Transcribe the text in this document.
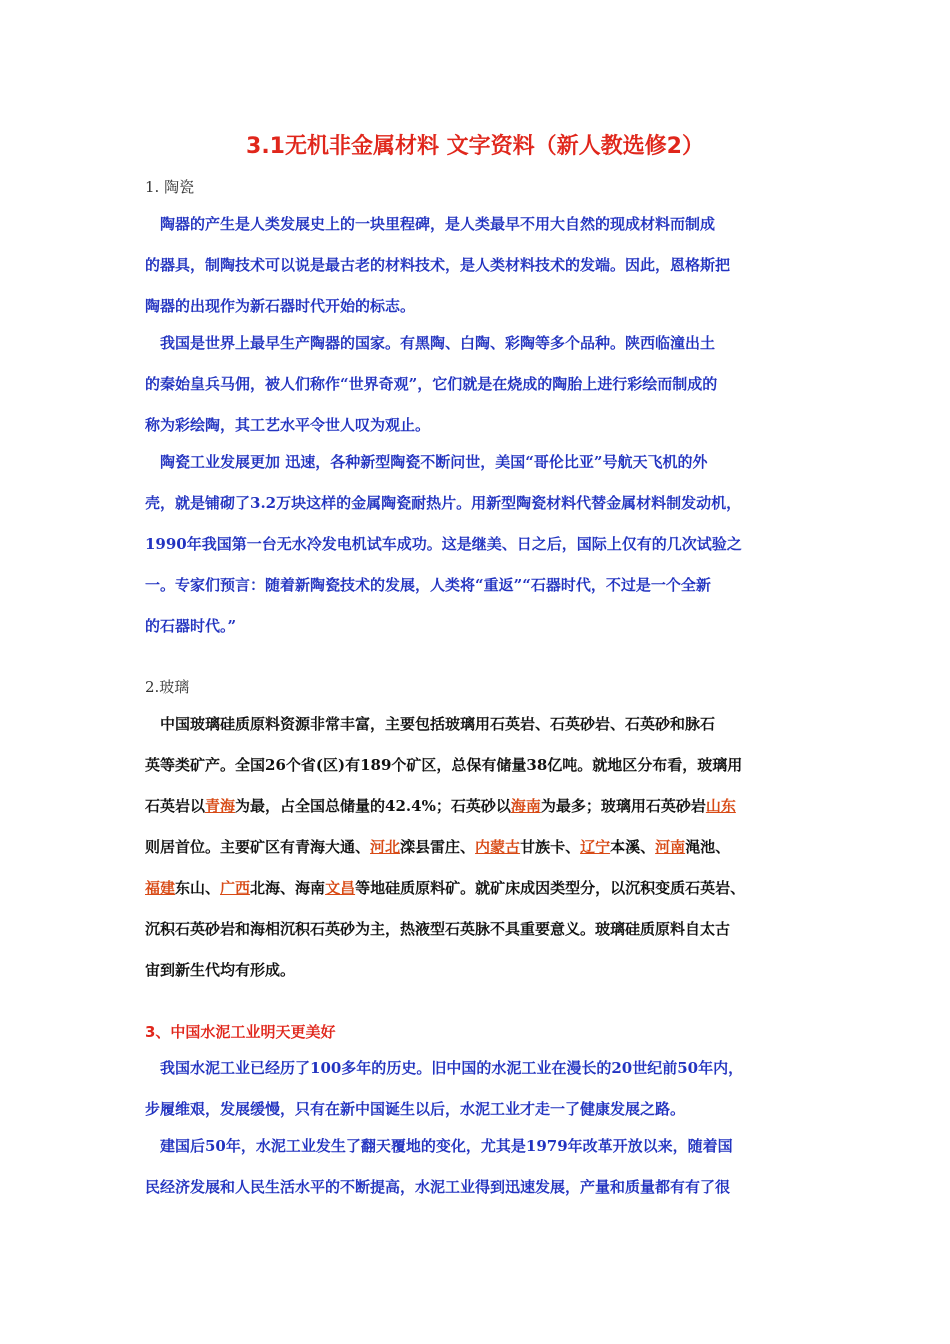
3.1无机非金属材料 文字资料（新人教选修2）

1. 陶瓷

　陶器的产生是人类发展史上的一块里程碑，是人类最早不用大自然的现成材料而制成

的器具，制陶技术可以说是最古老的材料技术，是人类材料技术的发端。因此，恩格斯把

陶器的出现作为新石器时代开始的标志。

　我国是世界上最早生产陶器的国家。有黑陶、白陶、彩陶等多个品种。陕西临潼出土

的秦始皇兵马佣，被人们称作“世界奇观”，它们就是在烧成的陶胎上进行彩绘而制成的

称为彩绘陶，其工艺水平令世人叹为观止。

　陶瓷工业发展更加 迅速，各种新型陶瓷不断问世，美国“哥伦比亚”号航天飞机的外

壳，就是铺砌了3.2万块这样的金属陶瓷耐热片。用新型陶瓷材料代替金属材料制发动机，

1990年我国第一台无水冷发电机试车成功。这是继美、日之后，国际上仅有的几次试验之

一。专家们预言：随着新陶瓷技术的发展，人类将“重返”“石器时代，不过是一个全新

的石器时代。”

2.玻璃

　中国玻璃硅质原料资源非常丰富，主要包括玻璃用石英岩、石英砂岩、石英砂和脉石

英等类矿产。全国26个省(区)有189个矿区，总保有储量38亿吨。就地区分布看，玻璃用

石英岩以青海为最，占全国总储量的42.4%；石英砂以海南为最多；玻璃用石英砂岩山东

则居首位。主要矿区有青海大通、河北滦县雷庄、内蒙古甘族卡、辽宁本溪、河南渑池、

福建东山、广西北海、海南文昌等地硅质原料矿。就矿床成因类型分，以沉积变质石英岩、

沉积石英砂岩和海相沉积石英砂为主，热液型石英脉不具重要意义。玻璃硅质原料自太古

宙到新生代均有形成。

3、中国水泥工业明天更美好

　我国水泥工业已经历了100多年的历史。旧中国的水泥工业在漫长的20世纪前50年内，

步履维艰，发展缓慢，只有在新中国诞生以后，水泥工业才走一了健康发展之路。

　建国后50年，水泥工业发生了翻天覆地的变化，尤其是1979年改革开放以来，随着国

民经济发展和人民生活水平的不断提高，水泥工业得到迅速发展，产量和质量都有有了很
